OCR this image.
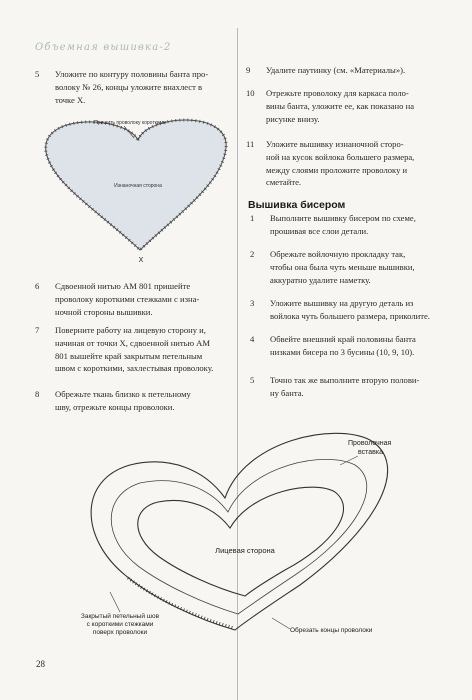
Объемная вышивка-2
5	Уложите по контуру половины банта про-
волоку № 26, концы уложите внахлест в
точке X.
Пришить проволоку короткими
Изнаночная сторона
X
6	Сдвоенной нитью AM 801 пришейте
проволоку короткими стежками с изна-
ночной стороны вышивки.
7	Поверните работу на лицевую сторону и,
начиная от точки X, сдвоенной нитью AM
801 вышейте край закрытым петельным
швом с короткими, захлестывая проволоку.
8	Обрежьте ткань близко к петельному
шву, отрежьте концы проволоки.
9	Удалите паутинку (см. «Материалы»).
10	Отрежьте проволоку для каркаса поло-
вины банта, уложите ее, как показано на
рисунке внизу.
11	Уложите вышивку изнаночной сторо-
ной на кусок войлока большего размера,
между слоями проложите проволоку и
сметайте.
Вышивка бисером
1	Выполните вышивку бисером по схеме,
прошивая все слои детали.
2	Обрежьте войлочную прокладку так,
чтобы она была чуть меньше вышивки,
аккуратно удалите наметку.
3	Уложите вышивку на другую деталь из
войлока чуть большего размера, приколите.
4	Обвейте внешний край половины банта
низками бисера по 3 бусины (10, 9, 10).
5	Точно так же выполните вторую полови-
ну банта.
Проволочная
вставка
Лицевая сторона
Закрытый петельный шов
с короткими стежками
поверх проволоки	Обрезать концы проволоки
28
